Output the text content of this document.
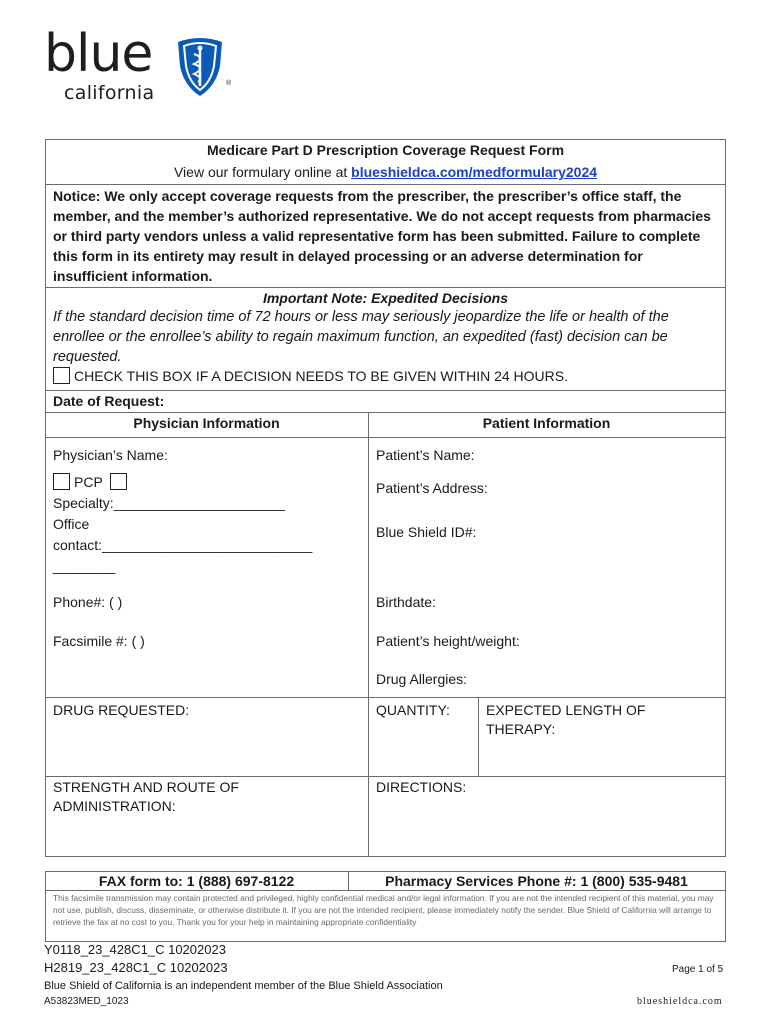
blue
california	®
Medicare Part D Prescription Coverage Request Form
View our formulary online at blueshieldca.com/medformulary2024
Notice: We only accept coverage requests from the prescriber, the prescriber’s office staff, the member, and the member’s authorized representative. We do not accept requests from pharmacies or third party vendors unless a valid representative form has been submitted. Failure to complete this form in its entirety may result in delayed processing or an adverse determination for insufficient information.
Important Note: Expedited Decisions
If the standard decision time of 72 hours or less may seriously jeopardize the life or health of the enrollee or the enrollee’s ability to regain maximum function, an expedited (fast) decision can be requested.
CHECK THIS BOX IF A DECISION NEEDS TO BE GIVEN WITHIN 24 HOURS.
Date of Request:
Physician Information	Patient Information
Physician’s Name:
PCP
Specialty:______________________
Office
contact:___________________________
________
Phone#: ( )
Facsimile #: ( )
Patient’s Name:
Patient’s Address:
Blue Shield ID#:
Birthdate:
Patient’s height/weight:
Drug Allergies:
DRUG REQUESTED:	QUANTITY:	EXPECTED LENGTH OF
THERAPY:
STRENGTH AND ROUTE OF
ADMINISTRATION:
DIRECTIONS:
FAX form to: 1 (888) 697-8122	Pharmacy Services Phone #: 1 (800) 535-9481
This facsimile transmission may contain protected and privileged, highly confidential medical and/or legal information. If you are not the intended recipient of this material, you may not use, publish, discuss, disseminate, or otherwise distribute it. If you are not the intended recipient, please immediately notify the sender. Blue Shield of California will arrange to retrieve the fax at no cost to you. Thank you for your help in maintaining appropriate confidentiality
Y0118_23_428C1_C 10202023
H2819_23_428C1_C 10202023	Page 1 of 5
Blue Shield of California is an independent member of the Blue Shield Association
A53823MED_1023	blueshieldca.com
